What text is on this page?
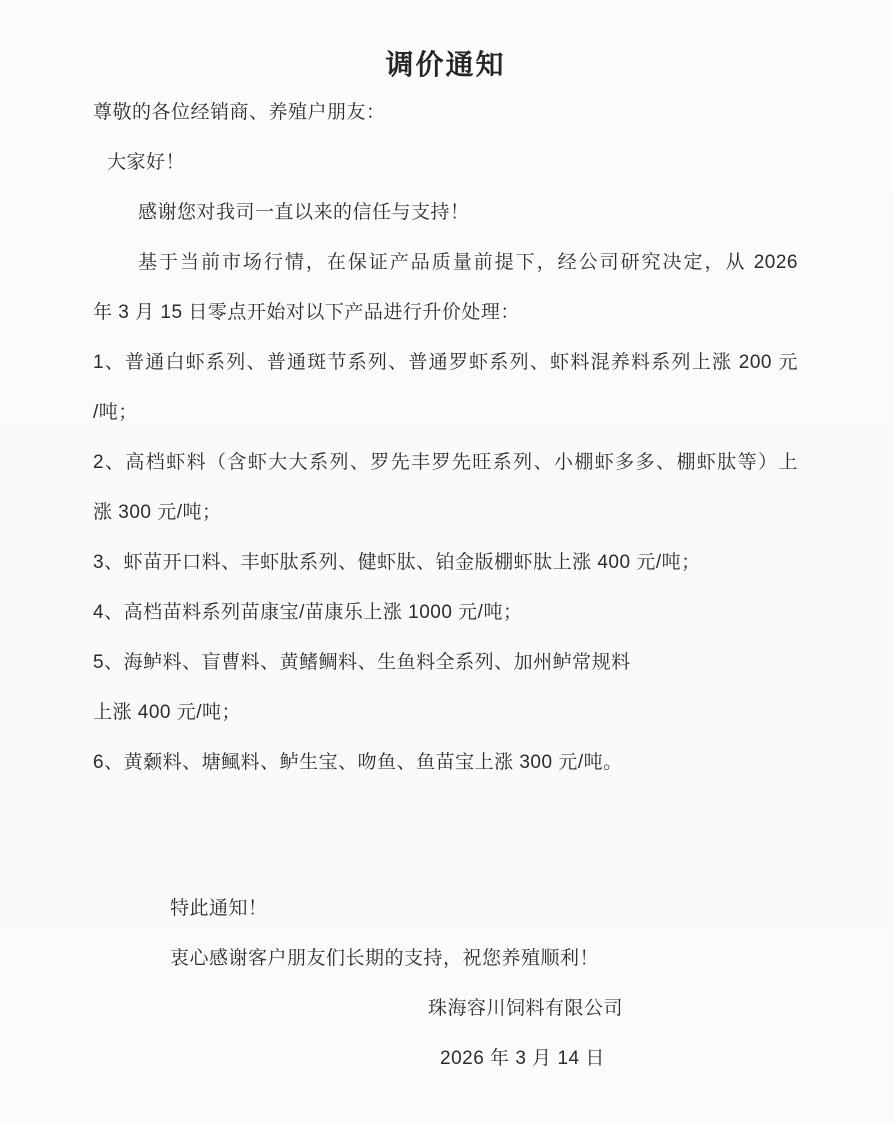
调价通知
尊敬的各位经销商、养殖户朋友：
大家好！
感谢您对我司一直以来的信任与支持！
基于当前市场行情，在保证产品质量前提下，经公司研究决定，从 2026
年 3 月 15 日零点开始对以下产品进行升价处理：
1、普通白虾系列、普通斑节系列、普通罗虾系列、虾料混养料系列上涨 200 元
/吨；
2、高档虾料（含虾大大系列、罗先丰罗先旺系列、小棚虾多多、棚虾肽等）上
涨 300 元/吨；
3、虾苗开口料、丰虾肽系列、健虾肽、铂金版棚虾肽上涨 400 元/吨；
4、高档苗料系列苗康宝/苗康乐上涨 1000 元/吨；
5、海鲈料、盲曹料、黄鳍鲷料、生鱼料全系列、加州鲈常规料
上涨 400 元/吨；
6、黄颡料、塘鲺料、鲈生宝、吻鱼、鱼苗宝上涨 300 元/吨。
特此通知！
衷心感谢客户朋友们长期的支持，祝您养殖顺利！
珠海容川饲料有限公司
2026 年 3 月 14 日
